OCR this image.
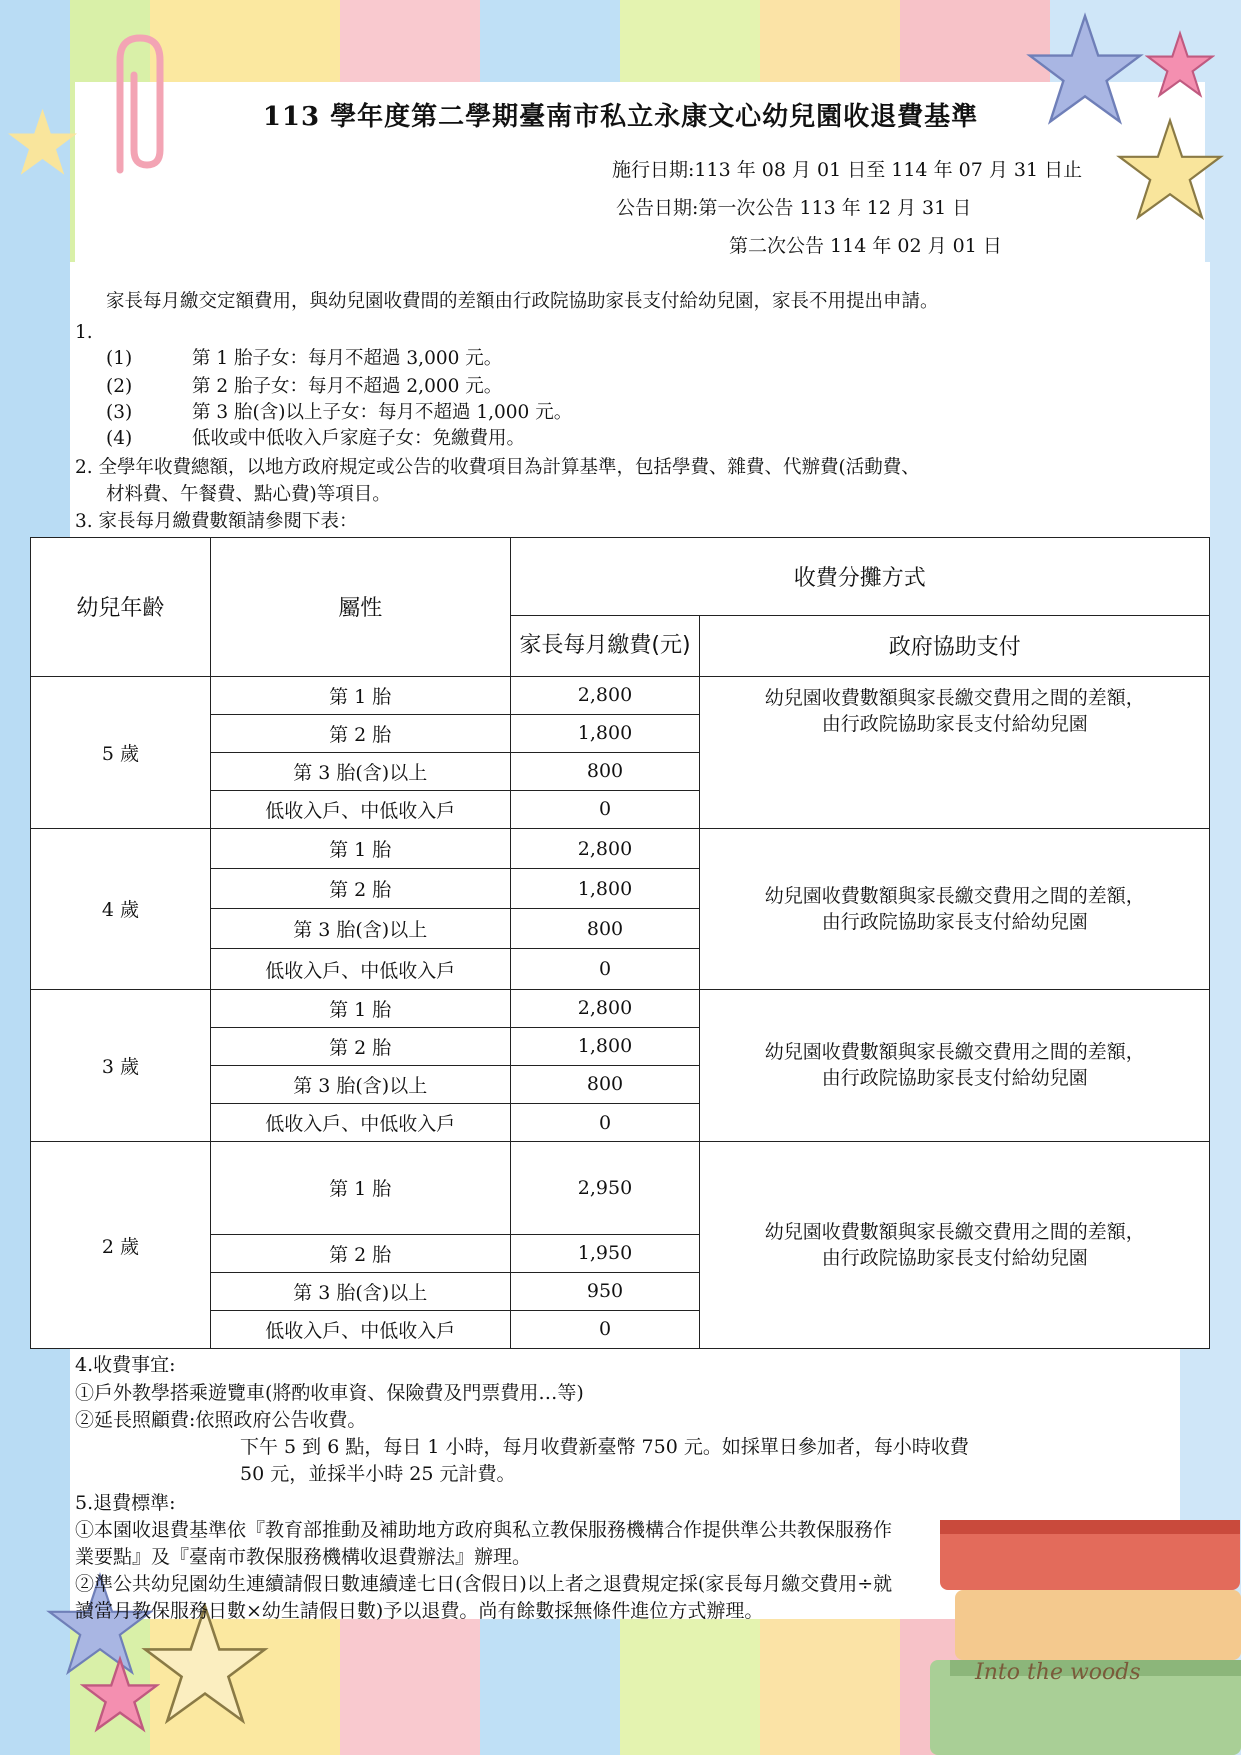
Into the woods
113 學年度第二學期臺南市私立永康文心幼兒園收退費基準
施行日期:113 年 08 月 01 日至 114 年 07 月 31 日止
公告日期:第一次公告 113 年 12 月 31 日
第二次公告 114 年 02 月 01 日
家長每月繳交定額費用，與幼兒園收費間的差額由行政院協助家長支付給幼兒園，家長不用提出申請。
1.
(1)	第 1 胎子女：每月不超過 3,000 元。
(2)	第 2 胎子女：每月不超過 2,000 元。
(3)	第 3 胎(含)以上子女：每月不超過 1,000 元。
(4)	低收或中低收入戶家庭子女：免繳費用。
2. 全學年收費總額，以地方政府規定或公告的收費項目為計算基準，包括學費、雜費、代辦費(活動費、
材料費、午餐費、點心費)等項目。
3. 家長每月繳費數額請參閱下表：
幼兒年齡	屬性	收費分攤方式	
		家長每月繳費(元)	政府協助支付
5 歲	第 1 胎	2,800	幼兒園收費數額與家長繳交費用之間的差額，
由行政院協助家長支付給幼兒園

	第 2 胎	1,800	
	第 3 胎(含)以上	800	
	低收入戶、中低收入戶	0	
4 歲	第 1 胎	2,800	幼兒園收費數額與家長繳交費用之間的差額，
由行政院協助家長支付給幼兒園

	第 2 胎	1,800	
	第 3 胎(含)以上	800	
	低收入戶、中低收入戶	0	
3 歲	第 1 胎	2,800	幼兒園收費數額與家長繳交費用之間的差額，
由行政院協助家長支付給幼兒園

	第 2 胎	1,800	
	第 3 胎(含)以上	800	
	低收入戶、中低收入戶	0	
2 歲	第 1 胎	2,950	幼兒園收費數額與家長繳交費用之間的差額，
由行政院協助家長支付給幼兒園

	第 2 胎	1,950	
	第 3 胎(含)以上	950	
	低收入戶、中低收入戶	0	
4.收費事宜:
①戶外教學搭乘遊覽車(將酌收車資、保險費及門票費用…等)
②延長照顧費:依照政府公告收費。
下午 5 到 6 點，每日 1 小時，每月收費新臺幣 750 元。如採單日參加者，每小時收費
50 元，並採半小時 25 元計費。
5.退費標準:
①本園收退費基準依『教育部推動及補助地方政府與私立教保服務機構合作提供準公共教保服務作
業要點』及『臺南市教保服務機構收退費辦法』辦理。
②準公共幼兒園幼生連續請假日數連續達七日(含假日)以上者之退費規定採(家長每月繳交費用÷就
讀當月教保服務日數×幼生請假日數)予以退費。尚有餘數採無條件進位方式辦理。
